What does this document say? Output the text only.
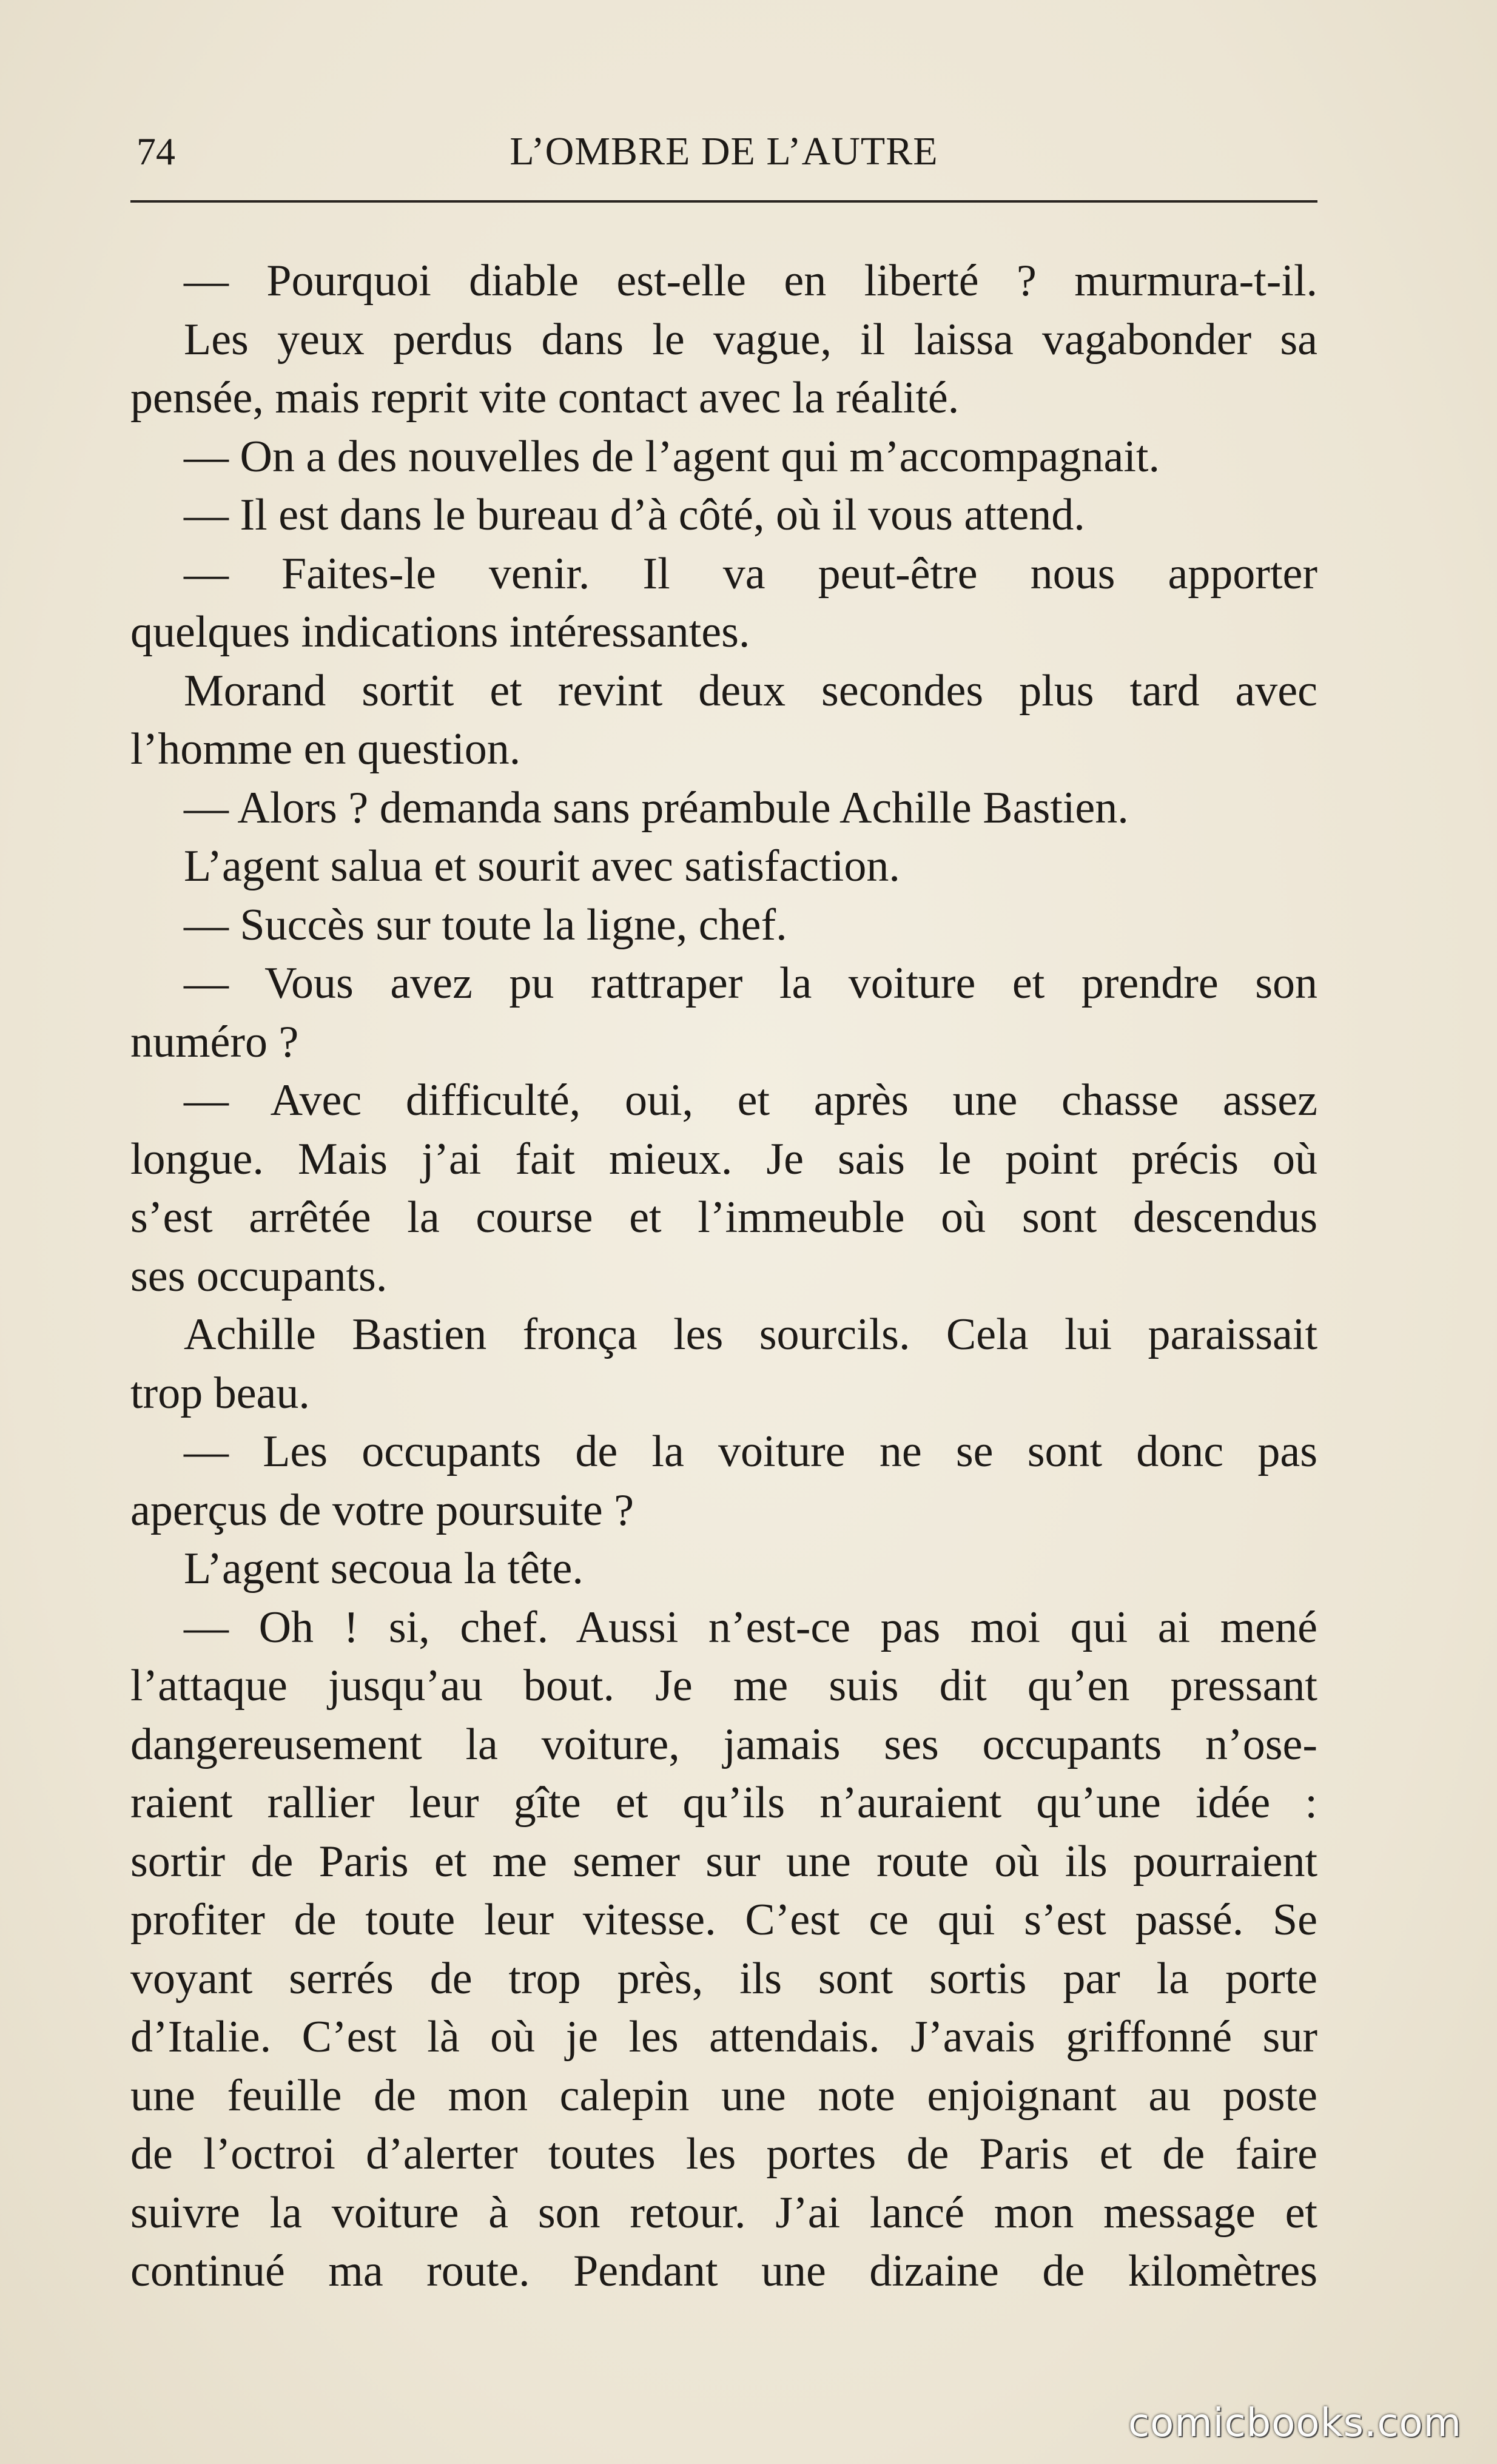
74	L’OMBRE DE L’AUTRE
— Pourquoi diable est-elle en liberté ? murmura-t-il.
Les yeux perdus dans le vague, il laissa vagabonder sa
pensée, mais reprit vite contact avec la réalité.
— On a des nouvelles de l’agent qui m’accompagnait.
— Il est dans le bureau d’à côté, où il vous attend.
— Faites-le venir. Il va peut-être nous apporter
quelques indications intéressantes.
Morand sortit et revint deux secondes plus tard avec
l’homme en question.
— Alors ? demanda sans préambule Achille Bastien.
L’agent salua et sourit avec satisfaction.
— Succès sur toute la ligne, chef.
— Vous avez pu rattraper la voiture et prendre son
numéro ?
— Avec difficulté, oui, et après une chasse assez
longue. Mais j’ai fait mieux. Je sais le point précis où
s’est arrêtée la course et l’immeuble où sont descendus
ses occupants.
Achille Bastien fronça les sourcils. Cela lui paraissait
trop beau.
— Les occupants de la voiture ne se sont donc pas
aperçus de votre poursuite ?
L’agent secoua la tête.
— Oh ! si, chef. Aussi n’est-ce pas moi qui ai mené
l’attaque jusqu’au bout. Je me suis dit qu’en pressant
dangereusement la voiture, jamais ses occupants n’ose-
raient rallier leur gîte et qu’ils n’auraient qu’une idée :
sortir de Paris et me semer sur une route où ils pourraient
profiter de toute leur vitesse. C’est ce qui s’est passé. Se
voyant serrés de trop près, ils sont sortis par la porte
d’Italie. C’est là où je les attendais. J’avais griffonné sur
une feuille de mon calepin une note enjoignant au poste
de l’octroi d’alerter toutes les portes de Paris et de faire
suivre la voiture à son retour. J’ai lancé mon message et
continué ma route. Pendant une dizaine de kilomètres
comicbooks.com
